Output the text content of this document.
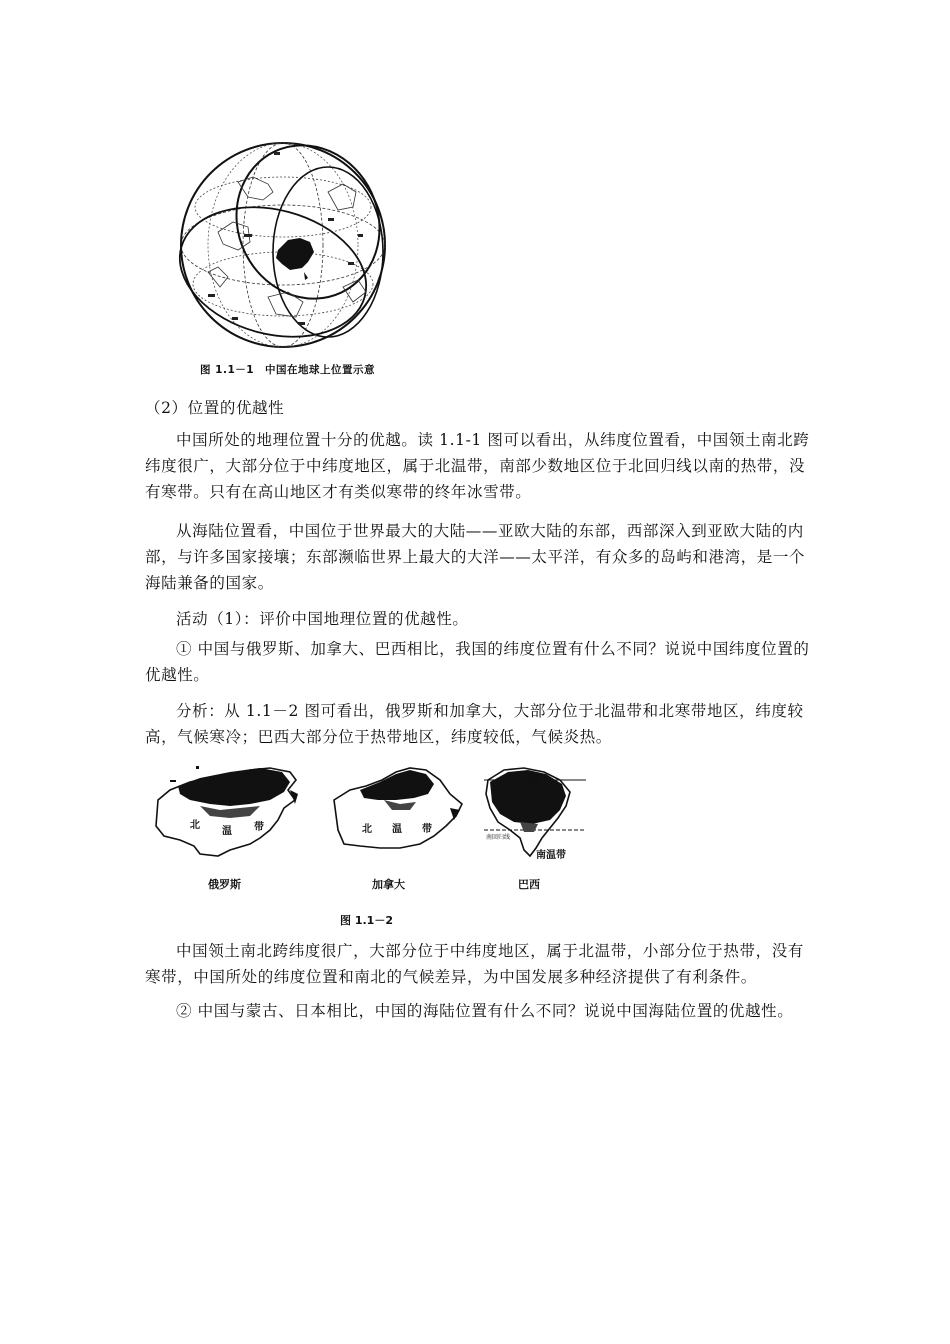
图 1.1－1　中国在地球上位置示意
（2）位置的优越性
中国所处的地理位置十分的优越。读 1.1-1 图可以看出，从纬度位置看，中国领土南北跨纬度很广，大部分位于中纬度地区，属于北温带，南部少数地区位于北回归线以南的热带，没有寒带。只有在高山地区才有类似寒带的终年冰雪带。
从海陆位置看，中国位于世界最大的大陆——亚欧大陆的东部，西部深入到亚欧大陆的内部，与许多国家接壤；东部濒临世界上最大的大洋——太平洋，有众多的岛屿和港湾，是一个海陆兼备的国家。
活动（1）：评价中国地理位置的优越性。
① 中国与俄罗斯、加拿大、巴西相比，我国的纬度位置有什么不同？说说中国纬度位置的优越性。
分析：从 1.1－2 图可看出，俄罗斯和加拿大，大部分位于北温带和北寒带地区，纬度较高，气候寒冷；巴西大部分位于热带地区，纬度较低，气候炎热。
北
温 带
俄罗斯
北 温 带
加拿大
赤道
南回归线
南温带
巴西
图 1.1－2
中国领土南北跨纬度很广，大部分位于中纬度地区，属于北温带，小部分位于热带，没有寒带，中国所处的纬度位置和南北的气候差异，为中国发展多种经济提供了有利条件。
② 中国与蒙古、日本相比，中国的海陆位置有什么不同？说说中国海陆位置的优越性。
